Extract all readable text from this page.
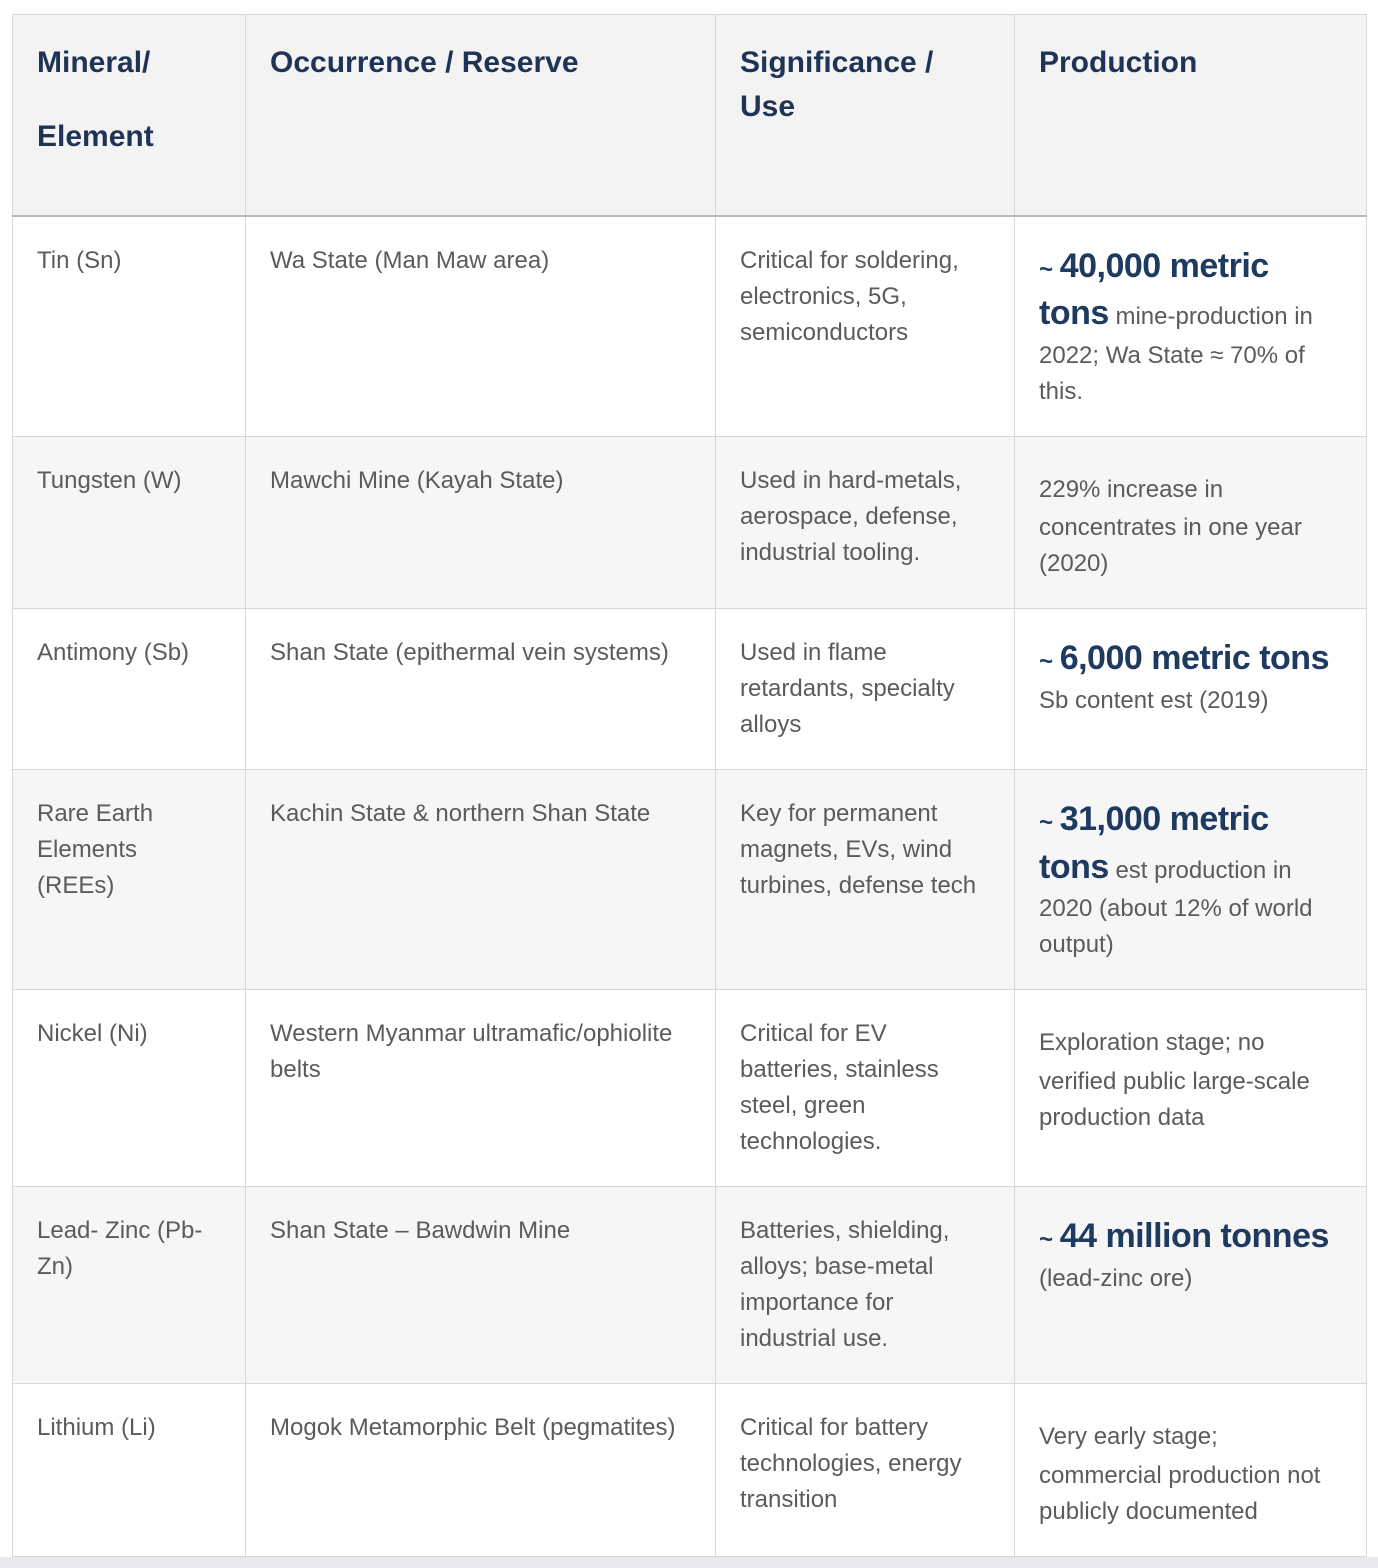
Mineral/
Element	Occurrence / Reserve	Significance / Use	Production
Tin (Sn)	Wa State (Man Maw area)	Critical for soldering, electronics, 5G, semiconductors	~ 40,000 metric tons mine-production in 2022; Wa State ≈ 70% of this.
Tungsten (W)	Mawchi Mine (Kayah State)	Used in hard-metals, aerospace, defense, industrial tooling.	229% increase in concentrates in one year (2020)
Antimony (Sb)	Shan State (epithermal vein systems)	Used in flame retardants, specialty alloys	~ 6,000 metric tons Sb content est (2019)
Rare Earth Elements (REEs)	Kachin State & northern Shan State	Key for permanent magnets, EVs, wind turbines, defense tech	~ 31,000 metric tons est production in 2020 (about 12% of world output)
Nickel (Ni)	Western Myanmar ultramafic/ophiolite belts	Critical for EV batteries, stainless steel, green technologies.	Exploration stage; no verified public large-scale production data
Lead- Zinc (Pb-Zn)	Shan State – Bawdwin Mine	Batteries, shielding, alloys; base-metal importance for industrial use.	~ 44 million tonnes (lead-zinc ore)
Lithium (Li)	Mogok Metamorphic Belt (pegmatites)	Critical for battery technologies, energy transition	Very early stage; commercial production not publicly documented
